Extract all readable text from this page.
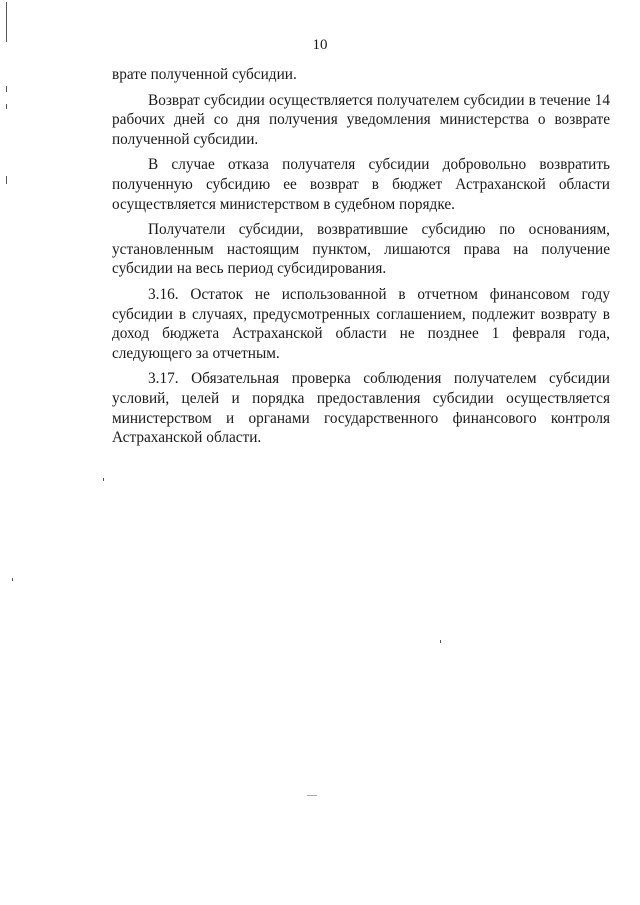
10

врате полученной субсидии.

Возврат субсидии осуществляется получателем субсидии в течение 14 рабочих дней со дня получения уведомления министерства о возврате полученной субсидии.

В случае отказа получателя субсидии добровольно возвратить полученную субсидию ее возврат в бюджет Астраханской области осуществляется министерством в судебном порядке.

Получатели субсидии, возвратившие субсидию по основаниям, установленным настоящим пунктом, лишаются права на получение субсидии на весь период субсидирования.

3.16. Остаток не использованной в отчетном финансовом году субсидии в случаях, предусмотренных соглашением, подлежит возврату в доход бюджета Астраханской области не позднее 1 февраля года, следующего за отчетным.

3.17. Обязательная проверка соблюдения получателем субсидии условий, целей и порядка предоставления субсидии осуществляется министерством и органами государственного финансового контроля Астраханской области.
